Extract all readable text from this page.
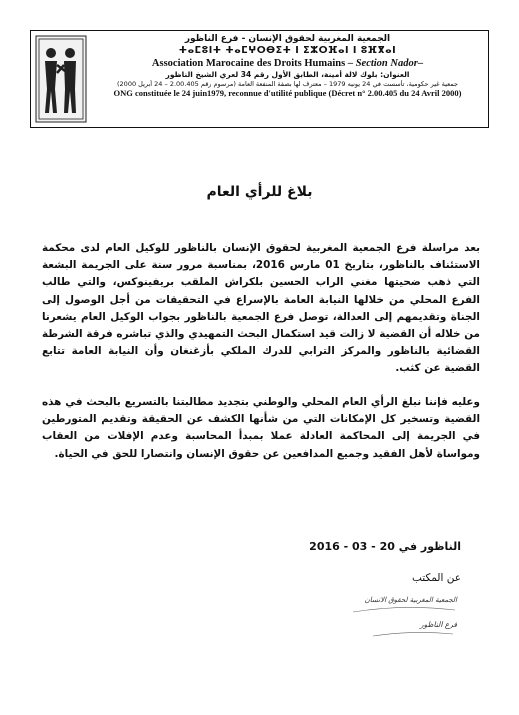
الجمعية المغربية لحقوق الإنسان - فرع الناظور
ⵜⴰⵎⵓⵏⵜ ⵜⴰⵎⵖⵔⴱⵉⵜ ⵏ ⵉⵣⵔⴼⴰⵏ ⵏ ⵓⴼⴳⴰⵏ
Association Marocaine des Droits Humains – Section Nador–
العنوان: بلوك لالة أمينة، الطابق الأول رقم 34 لعري الشيخ الناظور
جمعية غير حكومية، تأسست في 24 يونيه 1979 – معترف لها بصفة المنفعة العامة (مرسوم رقم 2.00.405 – 24 أبريل 2000)
ONG constituée le 24 juin1979, reconnue d'utilité publique (Décret n° 2.00.405 du 24 Avril 2000)
بلاغ للرأي العام
بعد مراسلة فرع الجمعية المغربية لحقوق الإنسان بالناظور للوكيل العام لدى محكمة الاستئناف بالناظور، بتاريخ 01 مارس 2016، بمناسبة مرور سنة على الجريمة البشعة التي ذهب ضحيتها مغني الراب الحسين بلكراش الملقب بريفينوكس، والتي طالب الفرع المحلي من خلالها النيابة العامة بالإسراع في التحقيقات من أجل الوصول إلى الجناة وتقديمهم إلى العدالة، توصل فرع الجمعية بالناظور بجواب الوكيل العام يشعرنا من خلاله أن القضية لا زالت قيد استكمال البحث التمهيدي والذي تباشره فرقة الشرطة القضائية بالناظور والمركز الترابي للدرك الملكي بأزغنغان وأن النيابة العامة تتابع القضية عن كثب.
وعليه فإننا نبلغ الرأي العام المحلي والوطني بتجديد مطالبتنا بالتسريع بالبحث في هذه القضية وتسخير كل الإمكانات التي من شأنها الكشف عن الحقيقة وتقديم المتورطين في الجريمة إلى المحاكمة العادلة عملا بمبدأ المحاسبة وعدم الإفلات من العقاب ومواساة لأهل الفقيد وجميع المدافعين عن حقوق الإنسان وانتصارا للحق في الحياة.
الناظور في 20 - 03 - 2016
عن المكتب
الجمعية المغربية لحقوق الانسان
فرع الناظور
